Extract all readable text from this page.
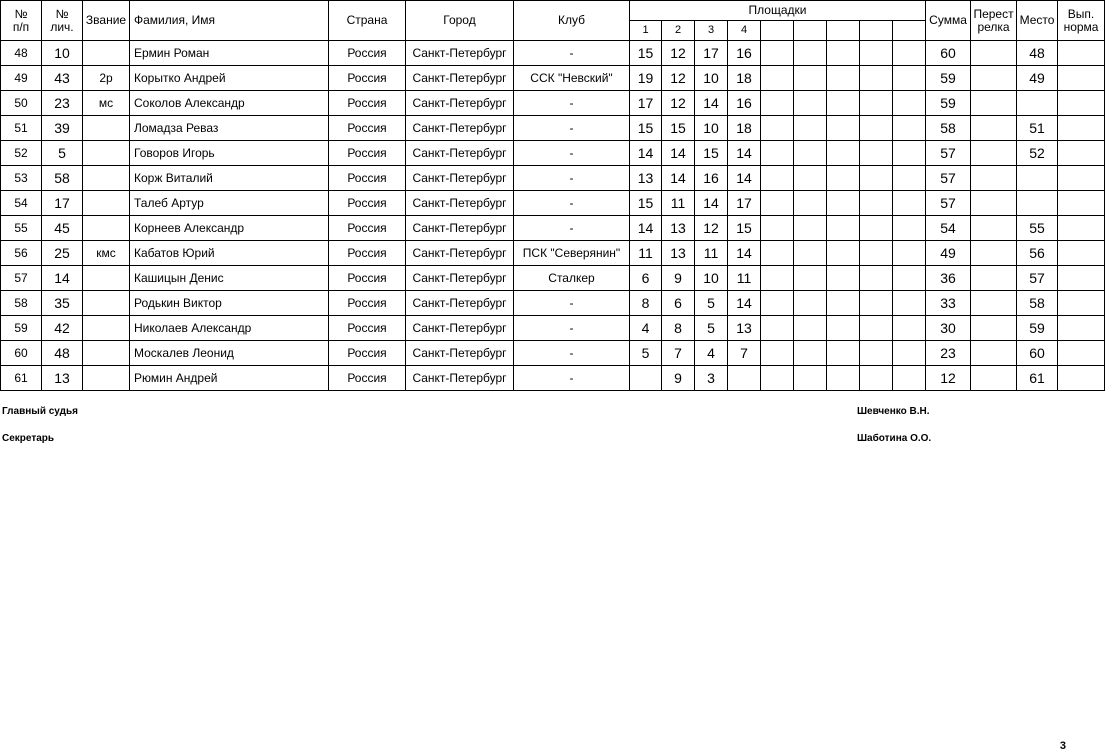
№
п/п	№
лич.	Звание	Фамилия, Имя	Страна	Город	Клуб	Площадки									Сумма	Перест
релка	Место	Вып.
норма
							1	2	3	4									
48	10		Ермин Роман	Россия	Санкт-Петербург	-	15	12	17	16						60		48	
49	43	2р	Корытко Андрей	Россия	Санкт-Петербург	ССК "Невский"	19	12	10	18						59		49	
50	23	мс	Соколов Александр	Россия	Санкт-Петербург	-	17	12	14	16						59			
51	39		Ломадза Реваз	Россия	Санкт-Петербург	-	15	15	10	18						58		51	
52	5		Говоров Игорь	Россия	Санкт-Петербург	-	14	14	15	14						57		52	
53	58		Корж Виталий	Россия	Санкт-Петербург	-	13	14	16	14						57			
54	17		Талеб Артур	Россия	Санкт-Петербург	-	15	11	14	17						57			
55	45		Корнеев Александр	Россия	Санкт-Петербург	-	14	13	12	15						54		55	
56	25	кмс	Кабатов Юрий	Россия	Санкт-Петербург	ПСК "Северянин"	11	13	11	14						49		56	
57	14		Кашицын Денис	Россия	Санкт-Петербург	Сталкер	6	9	10	11						36		57	
58	35		Родькин Виктор	Россия	Санкт-Петербург	-	8	6	5	14						33		58	
59	42		Николаев Александр	Россия	Санкт-Петербург	-	4	8	5	13						30		59	
60	48		Москалев Леонид	Россия	Санкт-Петербург	-	5	7	4	7						23		60	
61	13		Рюмин Андрей	Россия	Санкт-Петербург	-		9	3							12		61	
Главный судья	Шевченко В.Н.
Секретарь	Шаботина О.О.
3
